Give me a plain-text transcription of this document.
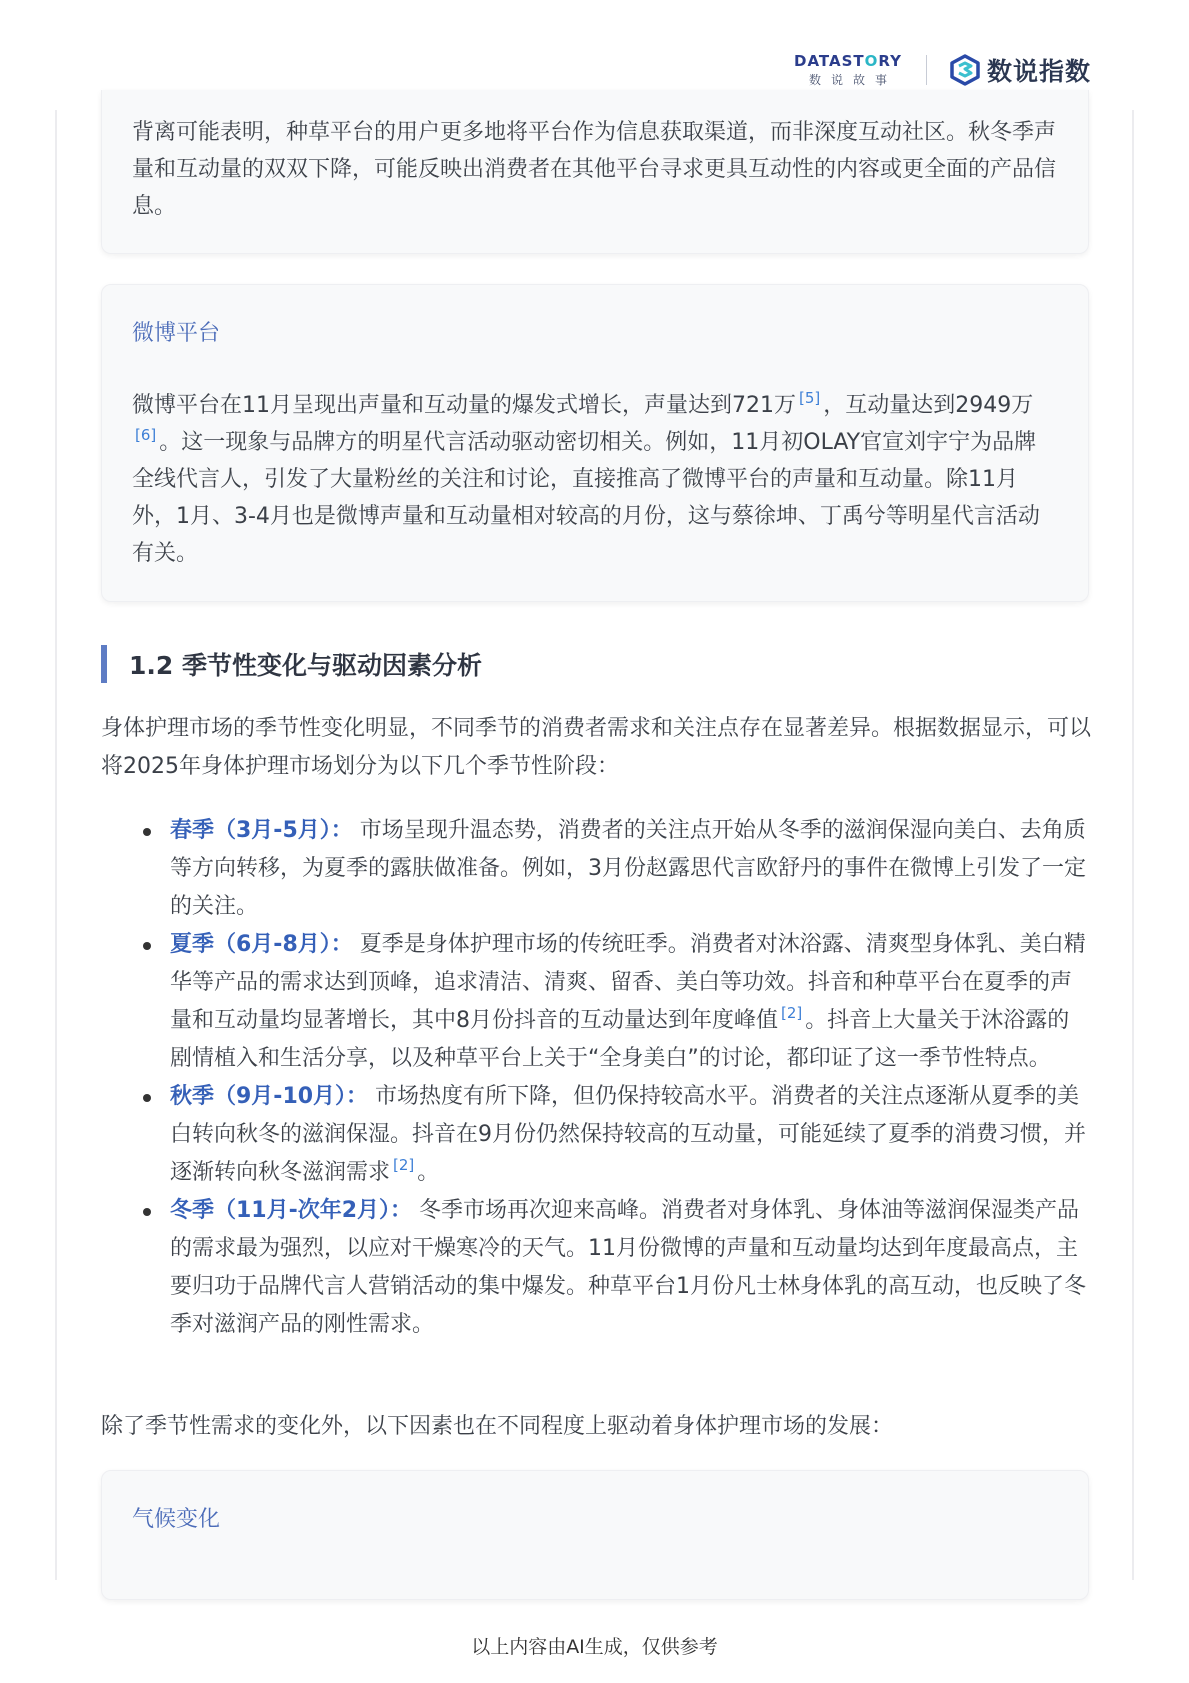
DATASTORY
数说故事	数说指数

背离可能表明，种草平台的用户更多地将平台作为信息获取渠道，而非深度互动社区。秋冬季声量和互动量的双双下降，可能反映出消费者在其他平台寻求更具互动性的内容或更全面的产品信息。

微博平台

微博平台在11月呈现出声量和互动量的爆发式增长，声量达到721万 [5] ，互动量达到2949万[6] 。这一现象与品牌方的明星代言活动驱动密切相关。例如，11月初OLAY官宣刘宇宁为品牌全线代言人，引发了大量粉丝的关注和讨论，直接推高了微博平台的声量和互动量。除11月外，1月、3-4月也是微博声量和互动量相对较高的月份，这与蔡徐坤、丁禹兮等明星代言活动有关。

1.2 季节性变化与驱动因素分析

身体护理市场的季节性变化明显，不同季节的消费者需求和关注点存在显著差异。根据数据显示，可以将2025年身体护理市场划分为以下几个季节性阶段：

春季（3月-5月）： 市场呈现升温态势，消费者的关注点开始从冬季的滋润保湿向美白、去角质等方向转移，为夏季的露肤做准备。例如，3月份赵露思代言欧舒丹的事件在微博上引发了一定的关注。
夏季（6月-8月）： 夏季是身体护理市场的传统旺季。消费者对沐浴露、清爽型身体乳、美白精华等产品的需求达到顶峰，追求清洁、清爽、留香、美白等功效。抖音和种草平台在夏季的声量和互动量均显著增长，其中8月份抖音的互动量达到年度峰值 [2] 。抖音上大量关于沐浴露的剧情植入和生活分享，以及种草平台上关于“全身美白”的讨论，都印证了这一季节性特点。
秋季（9月-10月）： 市场热度有所下降，但仍保持较高水平。消费者的关注点逐渐从夏季的美白转向秋冬的滋润保湿。抖音在9月份仍然保持较高的互动量，可能延续了夏季的消费习惯，并逐渐转向秋冬滋润需求 [2] 。
冬季（11月-次年2月）： 冬季市场再次迎来高峰。消费者对身体乳、身体油等滋润保湿类产品的需求最为强烈，以应对干燥寒冷的天气。11月份微博的声量和互动量均达到年度最高点，主要归功于品牌代言人营销活动的集中爆发。种草平台1月份凡士林身体乳的高互动，也反映了冬季对滋润产品的刚性需求。

除了季节性需求的变化外，以下因素也在不同程度上驱动着身体护理市场的发展：

气候变化

以上内容由AI生成，仅供参考
